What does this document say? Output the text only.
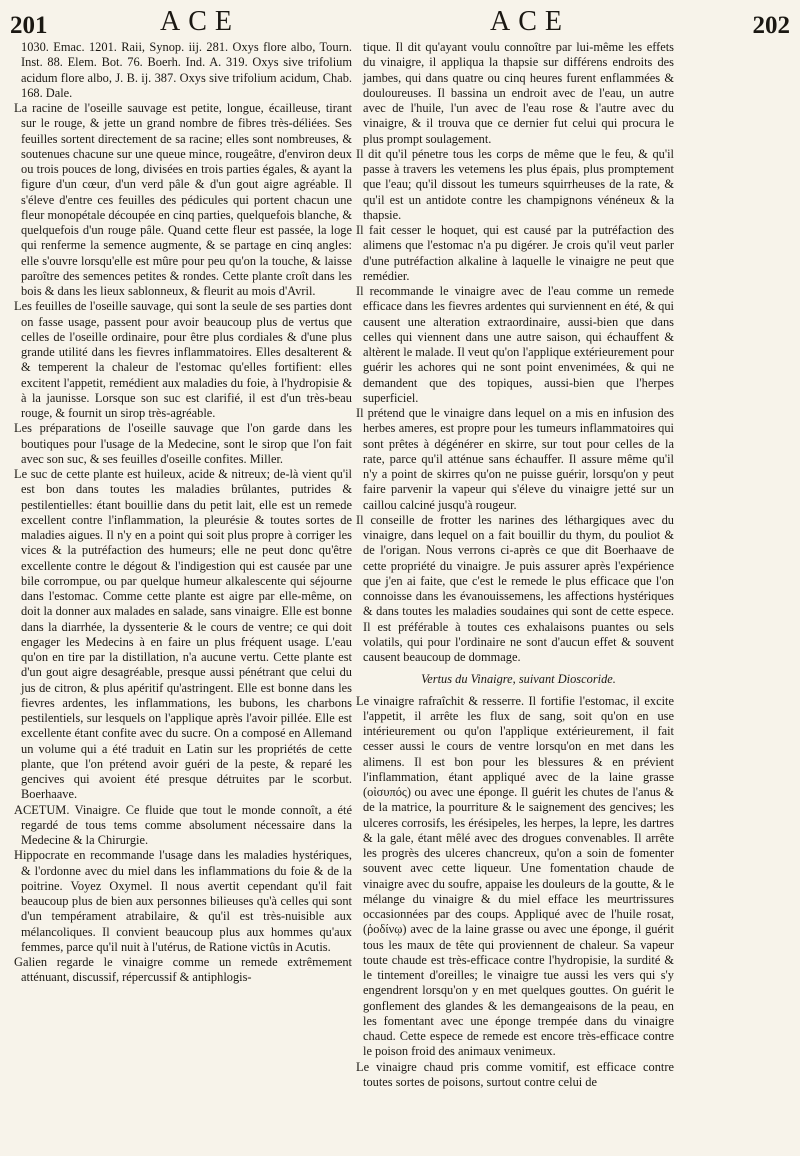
201	ACE	ACE	202

1030. Emac. 1201. Raii, Synop. iij. 281. Oxys flore albo, Tourn. Inst. 88. Elem. Bot. 76. Boerh. Ind. A. 319. Oxys sive trifolium acidum flore albo, J. B. ij. 387. Oxys sive trifolium acidum, Chab. 168. Dale.

La racine de l'oseille sauvage est petite, longue, écailleuse, tirant sur le rouge, & jette un grand nombre de fibres très-déliées. Ses feuilles sortent directement de sa racine; elles sont nombreuses, & soutenues chacune sur une queue mince, rougeâtre, d'environ deux ou trois pouces de long, divisées en trois parties égales, & ayant la figure d'un cœur, d'un verd pâle & d'un gout aigre agréable. Il s'éleve d'entre ces feuilles des pédicules qui portent chacun une fleur monopétale découpée en cinq parties, quelquefois blanche, & quelquefois d'un rouge pâle. Quand cette fleur est passée, la loge qui renferme la semence augmente, & se partage en cinq angles: elle s'ouvre lorsqu'elle est mûre pour peu qu'on la touche, & laisse paroître des semences petites & rondes. Cette plante croît dans les bois & dans les lieux sablonneux, & fleurit au mois d'Avril.

Les feuilles de l'oseille sauvage, qui sont la seule de ses parties dont on fasse usage, passent pour avoir beaucoup plus de vertus que celles de l'oseille ordinaire, pour être plus cordiales & d'une plus grande utilité dans les fievres inflammatoires. Elles desalterent & & temperent la chaleur de l'estomac qu'elles fortifient: elles excitent l'appetit, remédient aux maladies du foie, à l'hydropisie & à la jaunisse. Lorsque son suc est clarifié, il est d'un très-beau rouge, & fournit un sirop très-agréable.

Les préparations de l'oseille sauvage que l'on garde dans les boutiques pour l'usage de la Medecine, sont le sirop que l'on fait avec son suc, & ses feuilles d'oseille confites. Miller.

Le suc de cette plante est huileux, acide & nitreux; de-là vient qu'il est bon dans toutes les maladies brûlantes, putrides & pestilentielles: étant bouillie dans du petit lait, elle est un remede excellent contre l'inflammation, la pleurésie & toutes sortes de maladies aigues. Il n'y en a point qui soit plus propre à corriger les vices & la putréfaction des humeurs; elle ne peut donc qu'être excellente contre le dégout & l'indigestion qui est causée par une bile corrompue, ou par quelque humeur alkalescente qui séjourne dans l'estomac. Comme cette plante est aigre par elle-même, on doit la donner aux malades en salade, sans vinaigre. Elle est bonne dans la diarrhée, la dyssenterie & le cours de ventre; ce qui doit engager les Medecins à en faire un plus fréquent usage. L'eau qu'on en tire par la distillation, n'a aucune vertu. Cette plante est d'un gout aigre desagréable, presque aussi pénétrant que celui du jus de citron, & plus apéritif qu'astringent. Elle est bonne dans les fievres ardentes, les inflammations, les bubons, les charbons pestilentiels, sur lesquels on l'applique après l'avoir pillée. Elle est excellente étant confite avec du sucre. On a composé en Allemand un volume qui a été traduit en Latin sur les propriétés de cette plante, que l'on prétend avoir guéri de la peste, & reparé les gencives qui avoient été presque détruites par le scorbut. Boerhaave.

ACETUM. Vinaigre. Ce fluide que tout le monde connoît, a été regardé de tous tems comme absolument nécessaire dans la Medecine & la Chirurgie.

Hippocrate en recommande l'usage dans les maladies hystériques, & l'ordonne avec du miel dans les inflammations du foie & de la poitrine. Voyez Oxymel. Il nous avertit cependant qu'il fait beaucoup plus de bien aux personnes bilieuses qu'à celles qui sont d'un tempérament atrabilaire, & qu'il est très-nuisible aux mélancoliques. Il convient beaucoup plus aux hommes qu'aux femmes, parce qu'il nuit à l'utérus, de Ratione victûs in Acutis.

Galien regarde le vinaigre comme un remede extrêmement atténuant, discussif, répercussif & antiphlogis-

tique. Il dit qu'ayant voulu connoître par lui-même les effets du vinaigre, il appliqua la thapsie sur différens endroits des jambes, qui dans quatre ou cinq heures furent enflammées & douloureuses. Il bassina un endroit avec de l'eau, un autre avec de l'huile, l'un avec de l'eau rose & l'autre avec du vinaigre, & il trouva que ce dernier fut celui qui procura le plus prompt soulagement.

Il dit qu'il pénetre tous les corps de même que le feu, & qu'il passe à travers les vetemens les plus épais, plus promptement que l'eau; qu'il dissout les tumeurs squirrheuses de la rate, & qu'il est un antidote contre les champignons vénéneux & la thapsie.

Il fait cesser le hoquet, qui est causé par la putréfaction des alimens que l'estomac n'a pu digérer. Je crois qu'il veut parler d'une putréfaction alkaline à laquelle le vinaigre ne peut que remédier.

Il recommande le vinaigre avec de l'eau comme un remede efficace dans les fievres ardentes qui surviennent en été, & qui causent une alteration extraordinaire, aussi-bien que dans celles qui viennent dans une autre saison, qui échauffent & altèrent le malade. Il veut qu'on l'applique extérieurement pour guérir les achores qui ne sont point envenimées, & qui ne demandent que des topiques, aussi-bien que l'herpes superficiel.

Il prétend que le vinaigre dans lequel on a mis en infusion des herbes ameres, est propre pour les tumeurs inflammatoires qui sont prêtes à dégénérer en skirre, sur tout pour celles de la rate, parce qu'il atténue sans échauffer. Il assure même qu'il n'y a point de skirres qu'on ne puisse guérir, lorsqu'on y peut faire parvenir la vapeur qui s'éleve du vinaigre jetté sur un caillou calciné jusqu'à rougeur.

Il conseille de frotter les narines des léthargiques avec du vinaigre, dans lequel on a fait bouillir du thym, du pouliot & de l'origan. Nous verrons ci-après ce que dit Boerhaave de cette propriété du vinaigre. Je puis assurer après l'expérience que j'en ai faite, que c'est le remede le plus efficace que l'on connoisse dans les évanouissemens, les affections hystériques & dans toutes les maladies soudaines qui sont de cette espece. Il est préférable à toutes ces exhalaisons puantes ou sels volatils, qui pour l'ordinaire ne sont d'aucun effet & souvent causent beaucoup de dommage.

Vertus du Vinaigre, suivant Dioscoride.

Le vinaigre rafraîchit & resserre. Il fortifie l'estomac, il excite l'appetit, il arrête les flux de sang, soit qu'on en use intérieurement ou qu'on l'applique extérieurement, il fait cesser aussi le cours de ventre lorsqu'on en met dans les alimens. Il est bon pour les blessures & en prévient l'inflammation, étant appliqué avec de la laine grasse (οἰσυπός) ou avec une éponge. Il guérit les chutes de l'anus & de la matrice, la pourriture & le saignement des gencives; les ulceres corrosifs, les érésipeles, les herpes, la lepre, les dartres & la gale, étant mêlé avec des drogues convenables. Il arrête les progrès des ulceres chancreux, qu'on a soin de fomenter souvent avec cette liqueur. Une fomentation chaude de vinaigre avec du soufre, appaise les douleurs de la goutte, & le mélange du vinaigre & du miel efface les meurtrissures occasionnées par des coups. Appliqué avec de l'huile rosat, (ῥοδίνῳ) avec de la laine grasse ou avec une éponge, il guérit tous les maux de tête qui proviennent de chaleur. Sa vapeur toute chaude est très-efficace contre l'hydropisie, la surdité & le tintement d'oreilles; le vinaigre tue aussi les vers qui s'y engendrent lorsqu'on y en met quelques gouttes. On guérit le gonflement des glandes & les demangeaisons de la peau, en les fomentant avec une éponge trempée dans du vinaigre chaud. Cette espece de remede est encore très-efficace contre le poison froid des animaux venimeux.

Le vinaigre chaud pris comme vomitif, est efficace contre toutes sortes de poisons, surtout contre celui de
